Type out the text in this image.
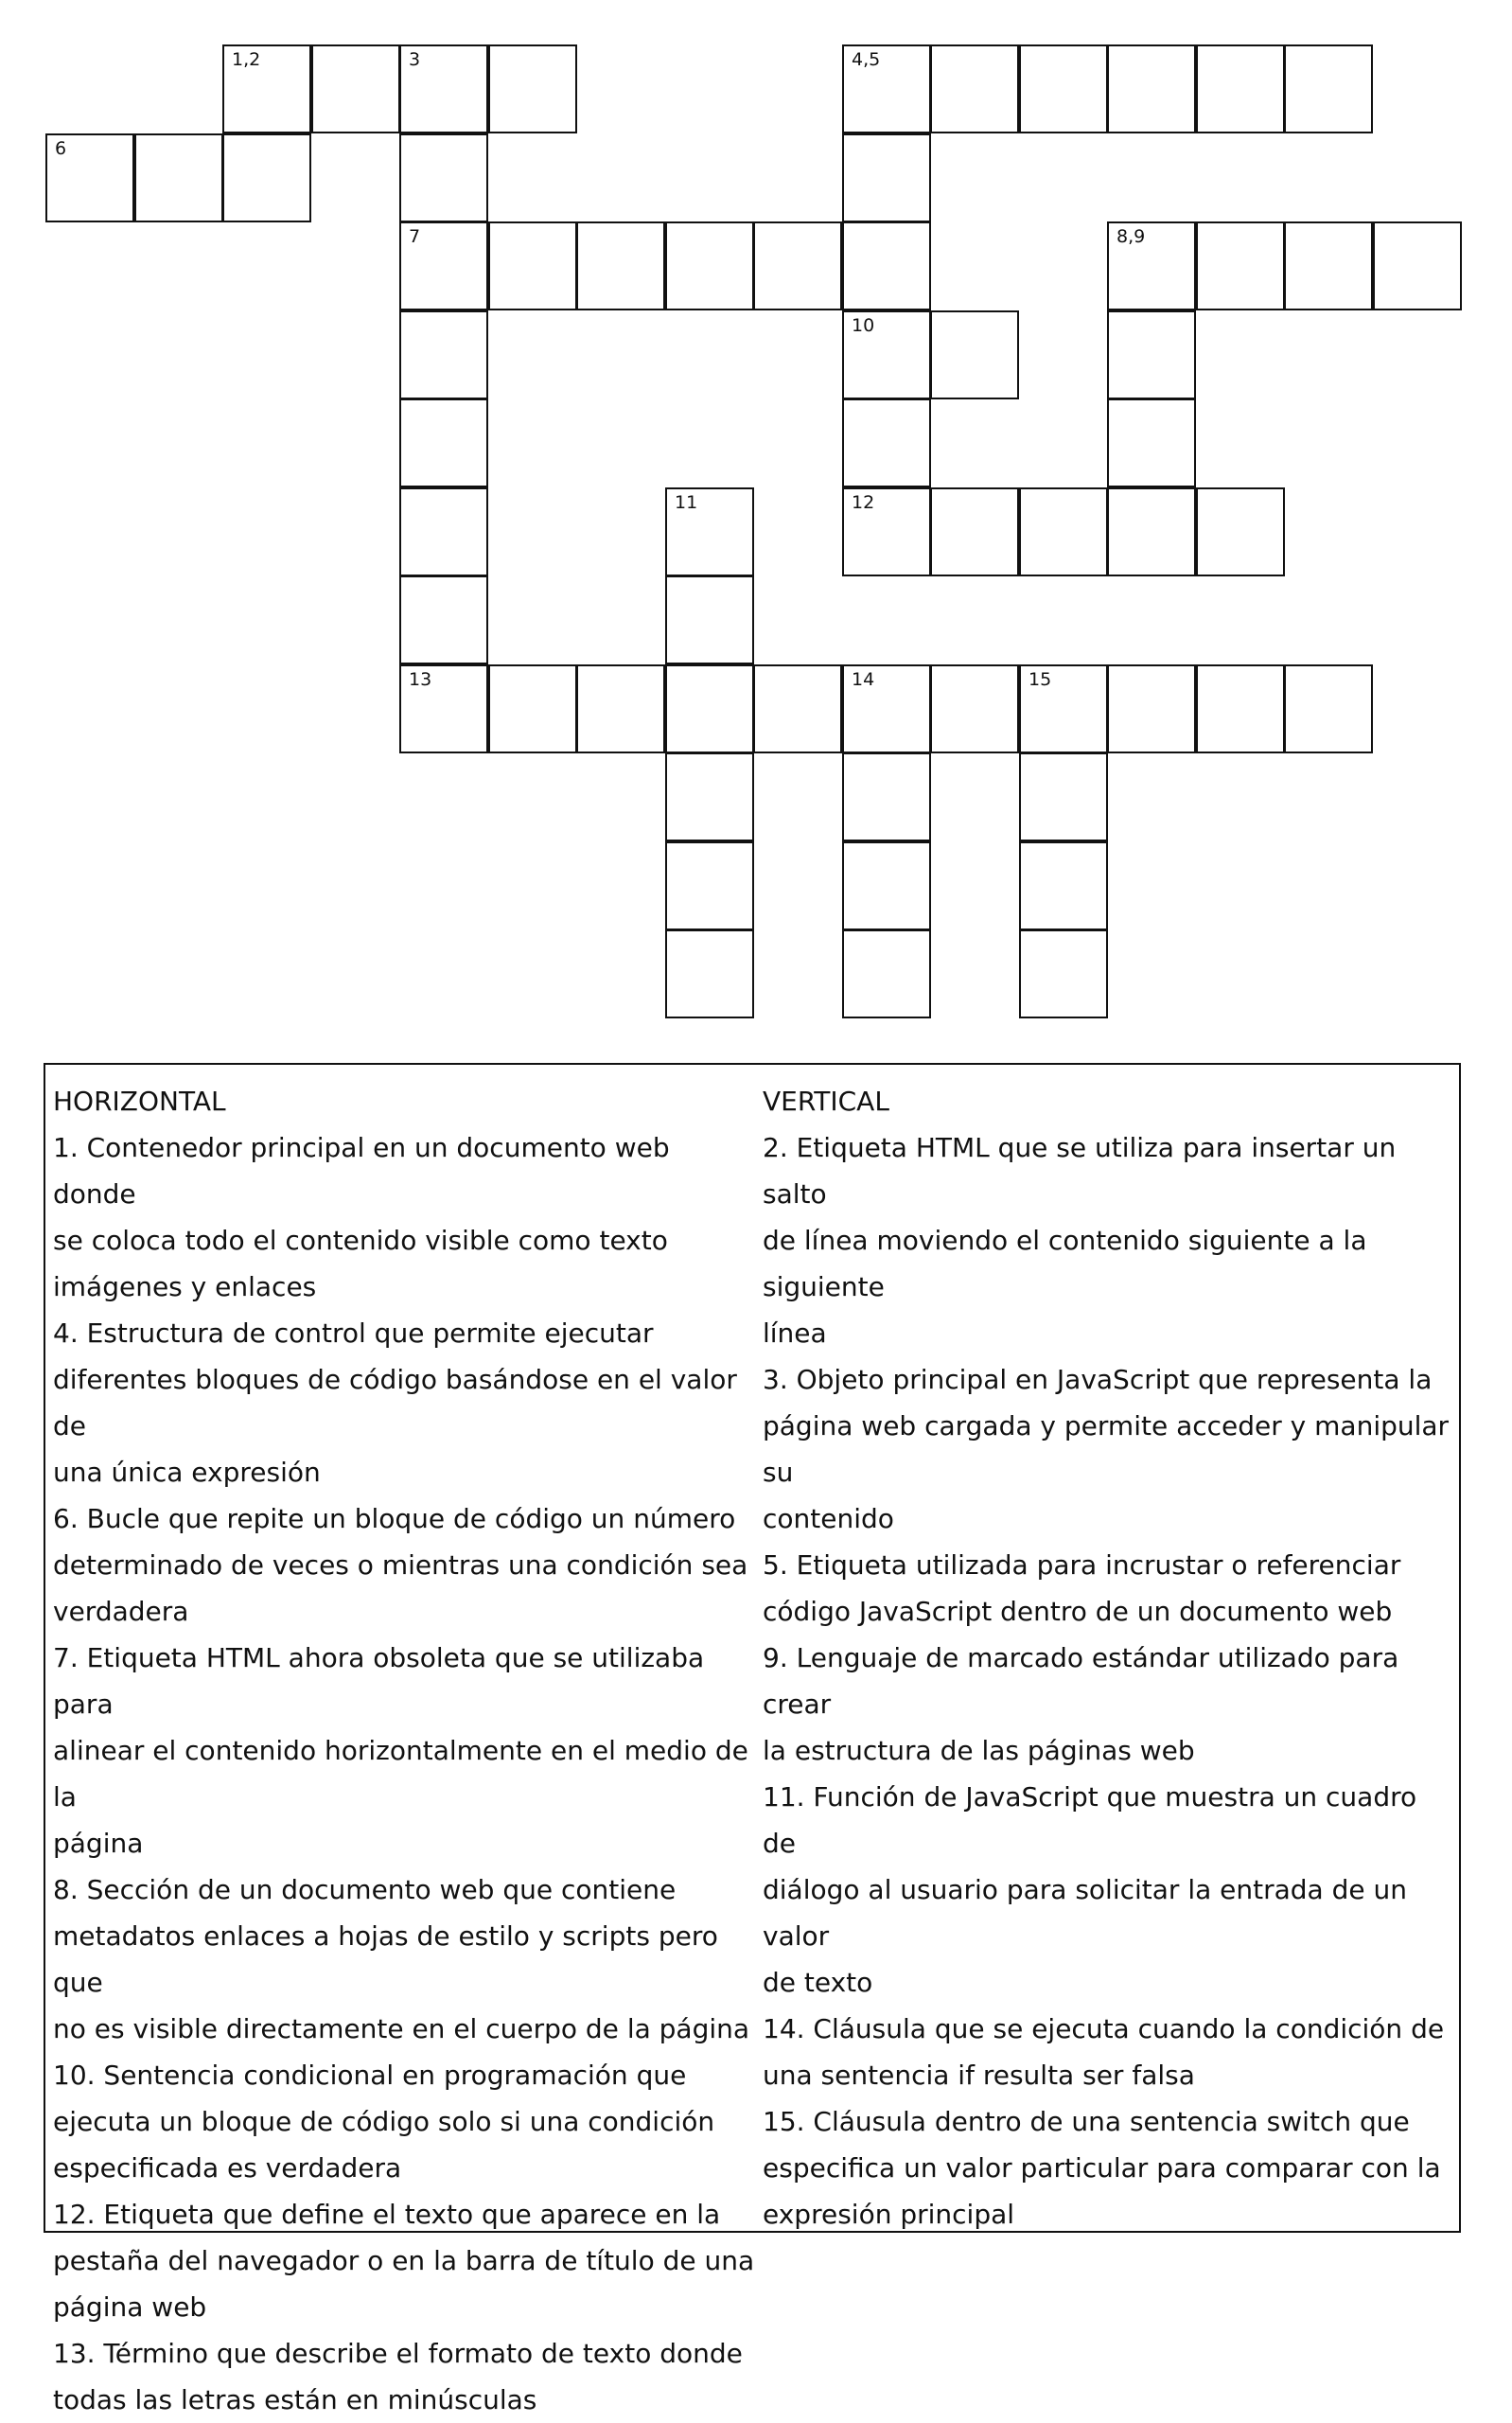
1,2	3	4,5
6
7	8,9
10
11	12
13	14	15
HORIZONTAL
1. Contenedor principal en un documento web donde
se coloca todo el contenido visible como texto
imágenes y enlaces
4. Estructura de control que permite ejecutar
diferentes bloques de código basándose en el valor de
una única expresión
6. Bucle que repite un bloque de código un número
determinado de veces o mientras una condición sea
verdadera
7. Etiqueta HTML ahora obsoleta que se utilizaba para
alinear el contenido horizontalmente en el medio de la
página
8. Sección de un documento web que contiene
metadatos enlaces a hojas de estilo y scripts pero que
no es visible directamente en el cuerpo de la página
10. Sentencia condicional en programación que
ejecuta un bloque de código solo si una condición
especificada es verdadera
12. Etiqueta que define el texto que aparece en la
pestaña del navegador o en la barra de título de una
página web
13. Término que describe el formato de texto donde
todas las letras están en minúsculas
VERTICAL
2. Etiqueta HTML que se utiliza para insertar un salto
de línea moviendo el contenido siguiente a la siguiente
línea
3. Objeto principal en JavaScript que representa la
página web cargada y permite acceder y manipular su
contenido
5. Etiqueta utilizada para incrustar o referenciar
código JavaScript dentro de un documento web
9. Lenguaje de marcado estándar utilizado para crear
la estructura de las páginas web
11. Función de JavaScript que muestra un cuadro de
diálogo al usuario para solicitar la entrada de un valor
de texto
14. Cláusula que se ejecuta cuando la condición de
una sentencia if resulta ser falsa
15. Cláusula dentro de una sentencia switch que
especifica un valor particular para comparar con la
expresión principal
